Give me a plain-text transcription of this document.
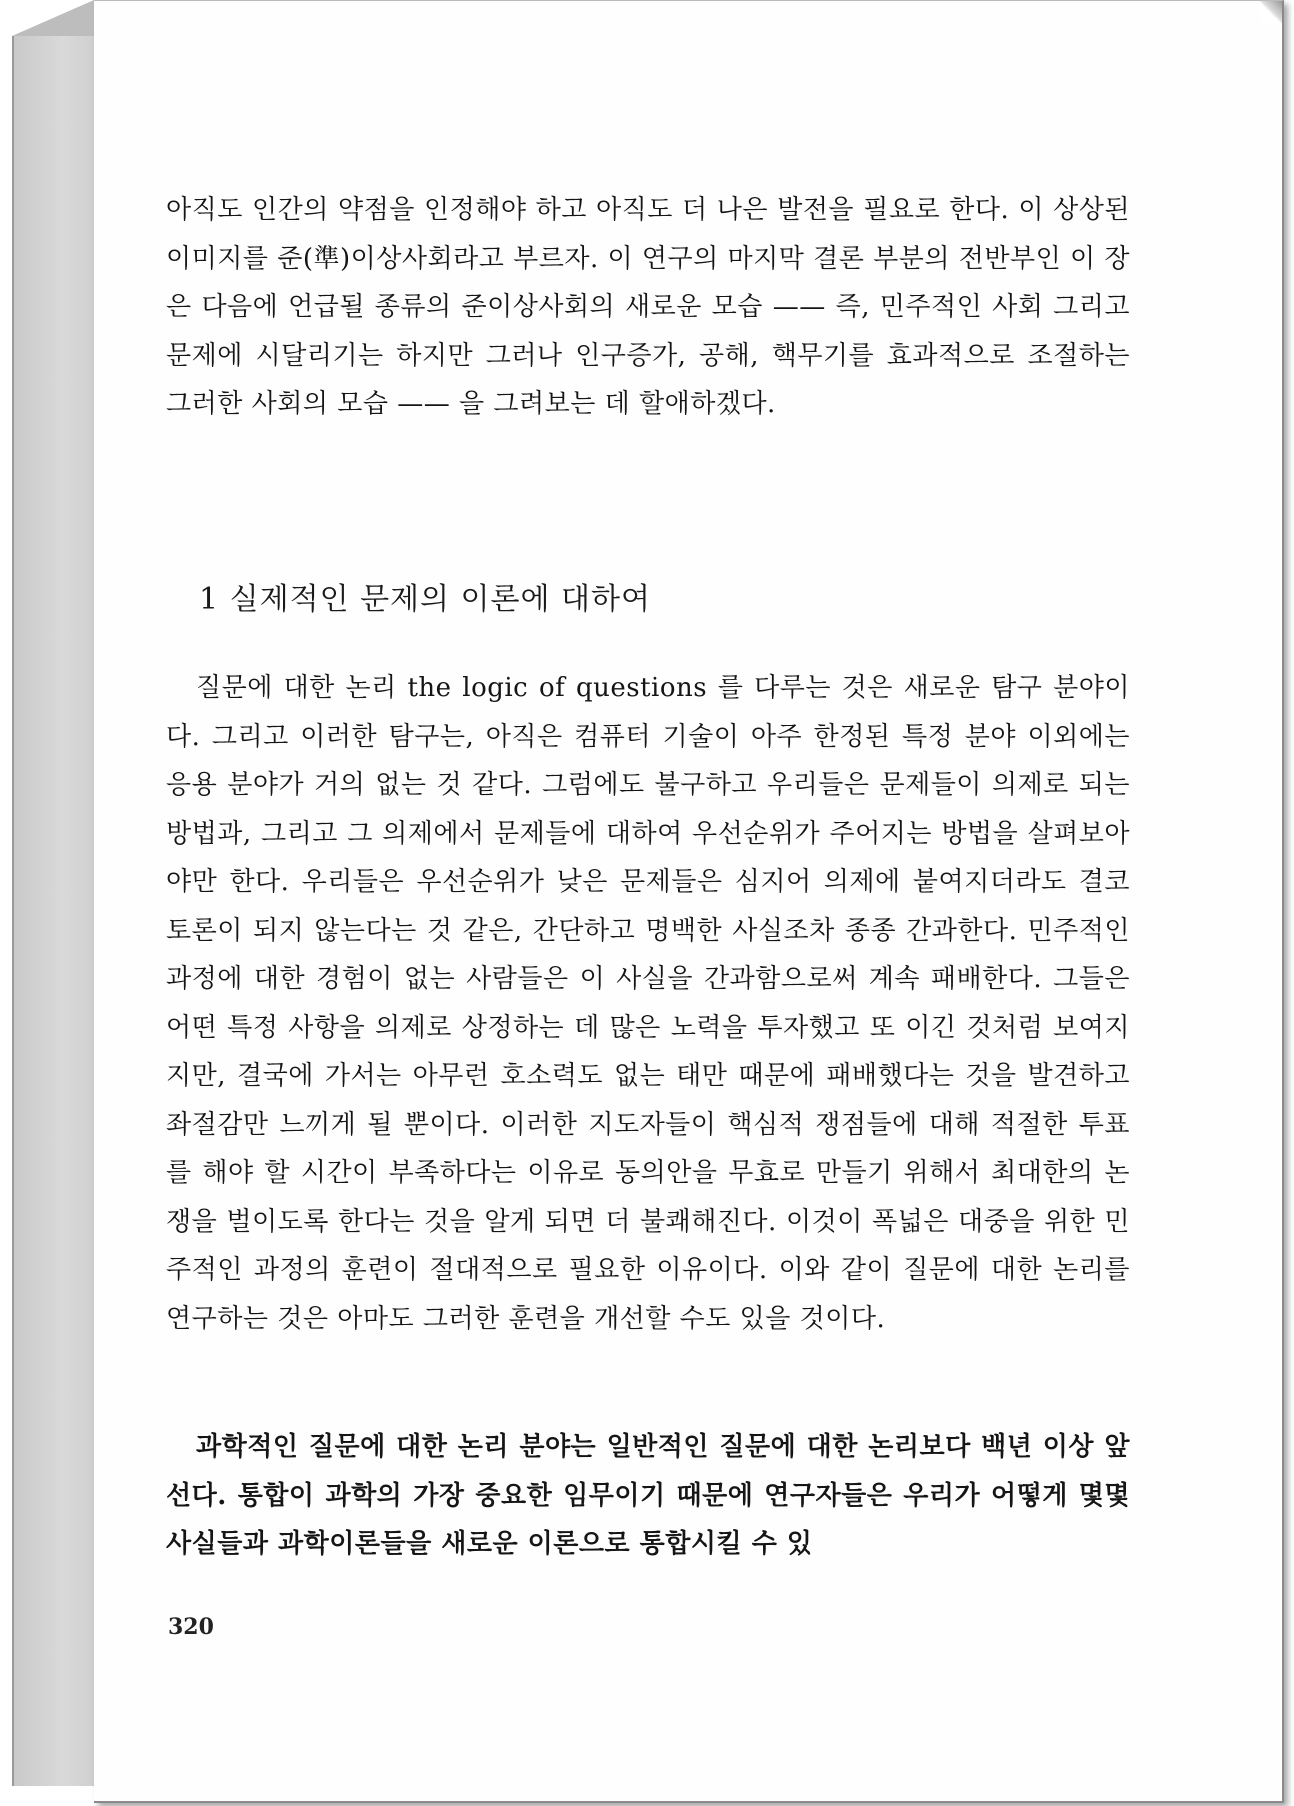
아직도 인간의 약점을 인정해야 하고 아직도 더 나은 발전을 필요로 한다. 이 상상된 이미지를 준(準)이상사회라고 부르자. 이 연구의 마지막 결론 부분의 전반부인 이 장은 다음에 언급될 종류의 준이상사회의 새로운 모습 —— 즉, 민주적인 사회 그리고 문제에 시달리기는 하지만 그러나 인구증가, 공해, 핵무기를 효과적으로 조절하는 그러한 사회의 모습 —— 을 그려보는 데 할애하겠다.

1 실제적인 문제의 이론에 대하여

질문에 대한 논리 the logic of questions 를 다루는 것은 새로운 탐구 분야이다. 그리고 이러한 탐구는, 아직은 컴퓨터 기술이 아주 한정된 특정 분야 이외에는 응용 분야가 거의 없는 것 같다. 그럼에도 불구하고 우리들은 문제들이 의제로 되는 방법과, 그리고 그 의제에서 문제들에 대하여 우선순위가 주어지는 방법을 살펴보아야만 한다. 우리들은 우선순위가 낮은 문제들은 심지어 의제에 붙여지더라도 결코 토론이 되지 않는다는 것 같은, 간단하고 명백한 사실조차 종종 간과한다. 민주적인 과정에 대한 경험이 없는 사람들은 이 사실을 간과함으로써 계속 패배한다. 그들은 어떤 특정 사항을 의제로 상정하는 데 많은 노력을 투자했고 또 이긴 것처럼 보여지지만, 결국에 가서는 아무런 호소력도 없는 태만 때문에 패배했다는 것을 발견하고 좌절감만 느끼게 될 뿐이다. 이러한 지도자들이 핵심적 쟁점들에 대해 적절한 투표를 해야 할 시간이 부족하다는 이유로 동의안을 무효로 만들기 위해서 최대한의 논쟁을 벌이도록 한다는 것을 알게 되면 더 불쾌해진다. 이것이 폭넓은 대중을 위한 민주적인 과정의 훈련이 절대적으로 필요한 이유이다. 이와 같이 질문에 대한 논리를 연구하는 것은 아마도 그러한 훈련을 개선할 수도 있을 것이다.

과학적인 질문에 대한 논리 분야는 일반적인 질문에 대한 논리보다 백년 이상 앞선다. 통합이 과학의 가장 중요한 임무이기 때문에 연구자들은 우리가 어떻게 몇몇 사실들과 과학이론들을 새로운 이론으로 통합시킬 수 있

320
